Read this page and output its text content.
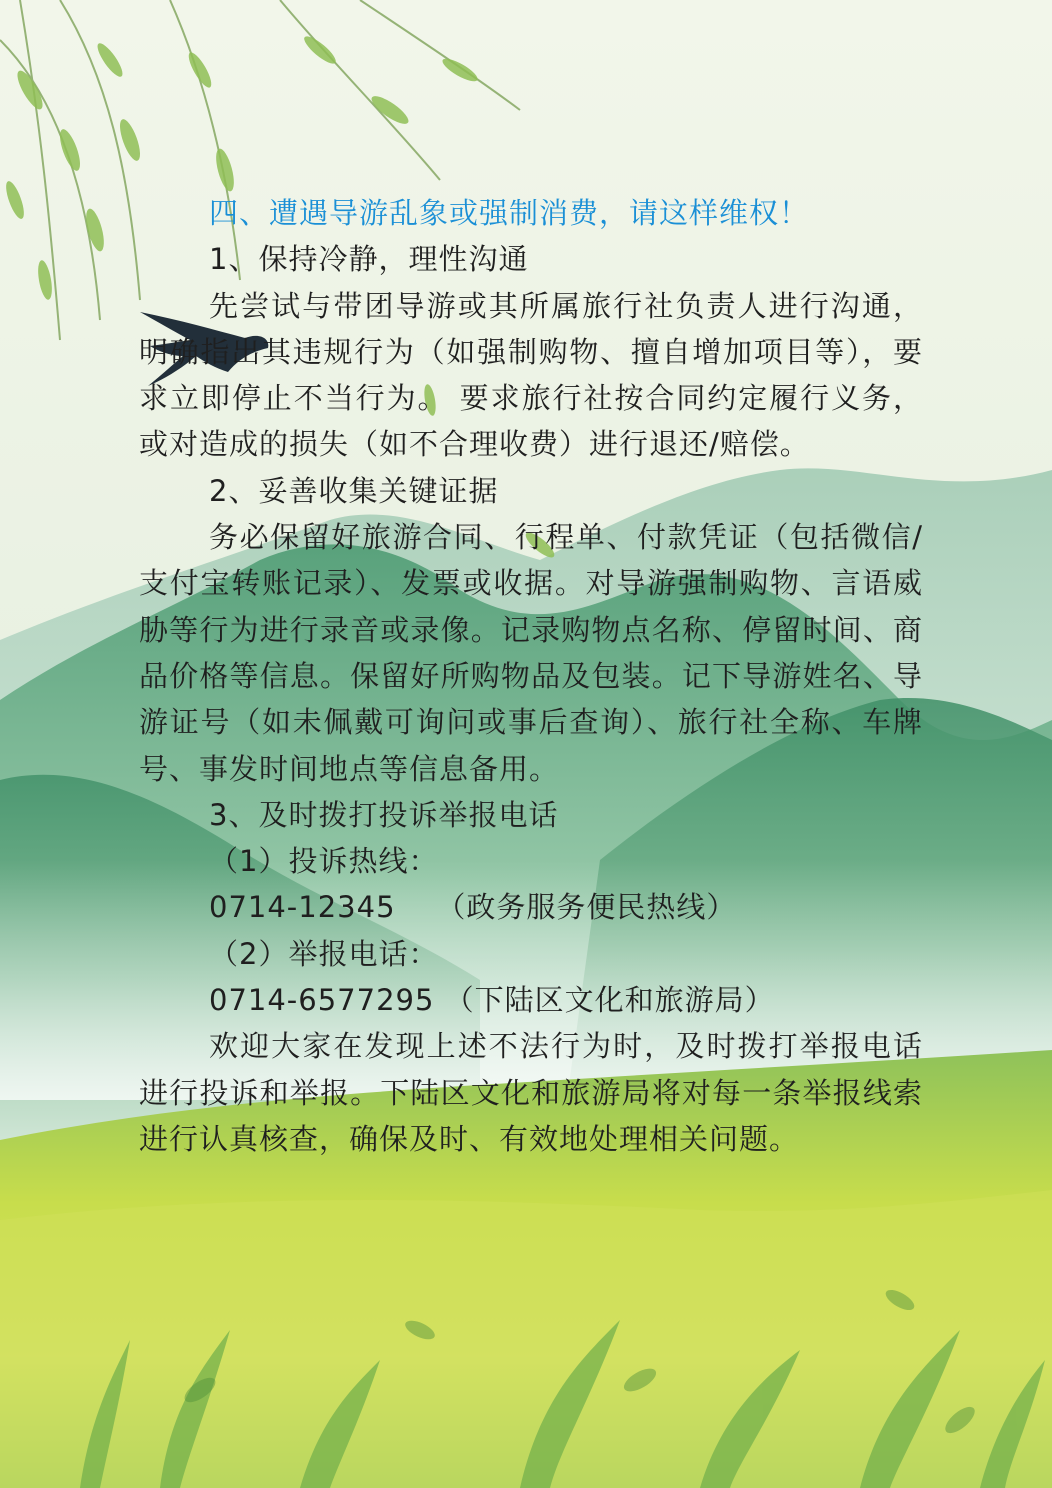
四、遭遇导游乱象或强制消费，请这样维权！

1、保持冷静，理性沟通

先尝试与带团导游或其所属旅行社负责人进行沟通，明确指出其违规行为（如强制购物、擅自增加项目等），要求立即停止不当行为。 要求旅行社按合同约定履行义务，或对造成的损失（如不合理收费）进行退还/赔偿。

2、妥善收集关键证据

务必保留好旅游合同、行程单、付款凭证（包括微信/支付宝转账记录）、发票或收据。对导游强制购物、言语威胁等行为进行录音或录像。记录购物点名称、停留时间、商品价格等信息。保留好所购物品及包装。记下导游姓名、导游证号（如未佩戴可询问或事后查询）、旅行社全称、车牌号、事发时间地点等信息备用。

3、及时拨打投诉举报电话

（1）投诉热线：

0714-12345 （政务服务便民热线）

（2）举报电话：

0714-6577295 （下陆区文化和旅游局）

欢迎大家在发现上述不法行为时，及时拨打举报电话进行投诉和举报。下陆区文化和旅游局将对每一条举报线索进行认真核查，确保及时、有效地处理相关问题。
